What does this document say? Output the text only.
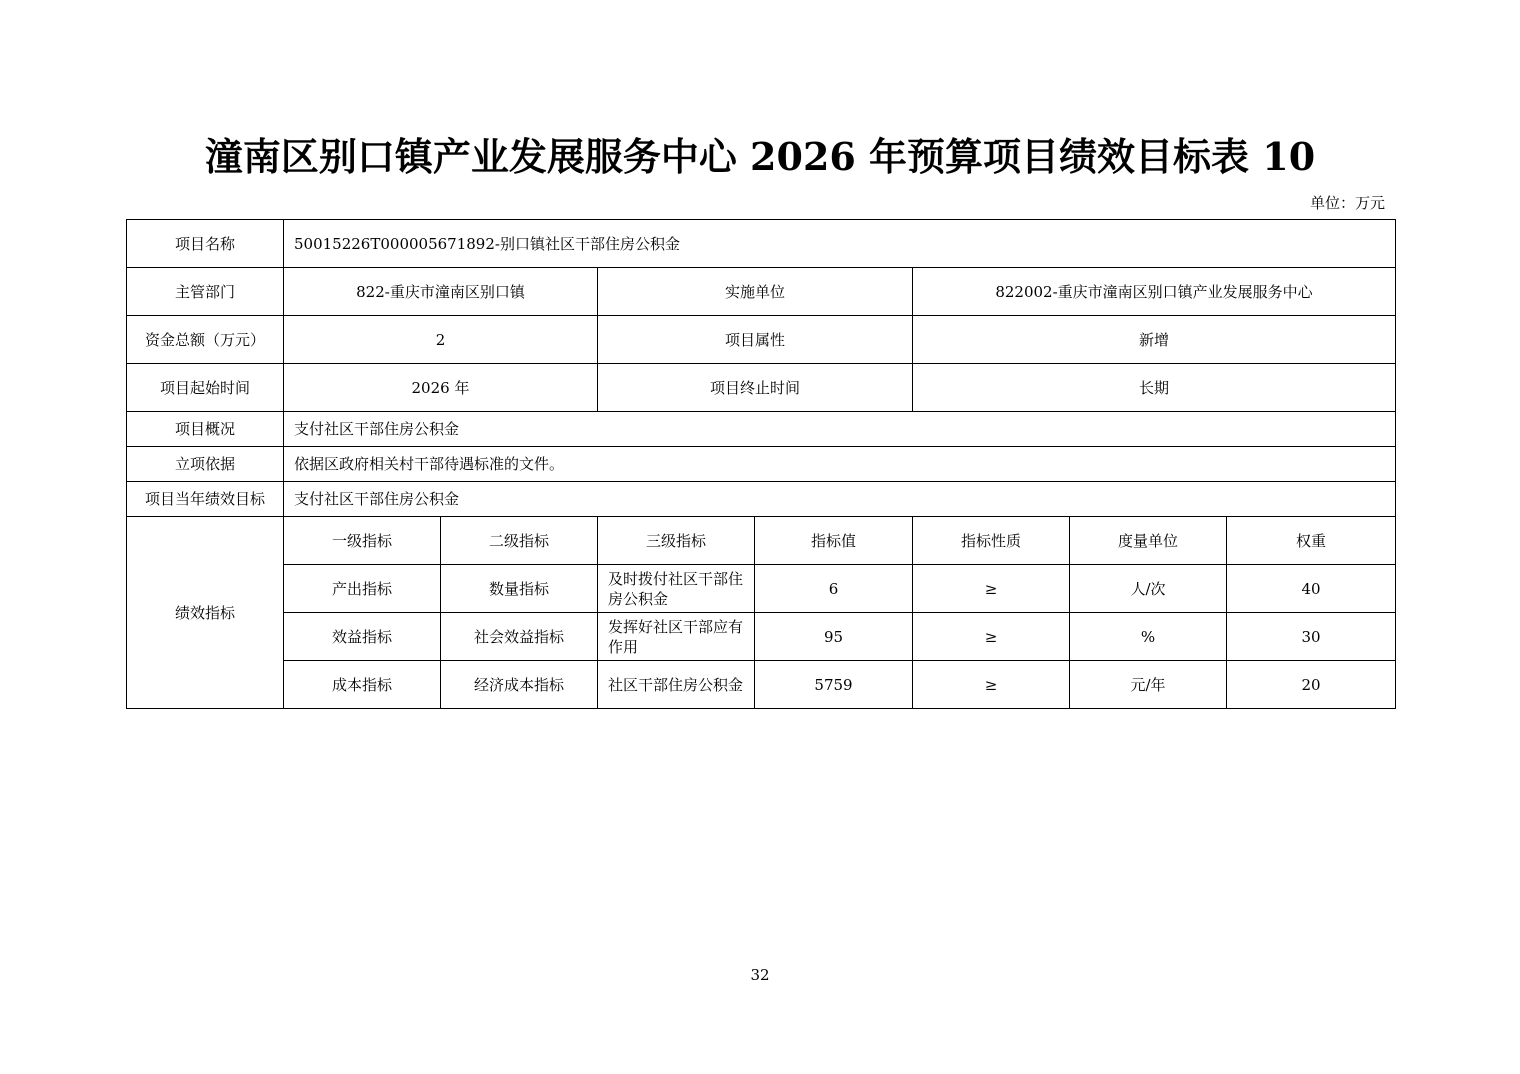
潼南区别口镇产业发展服务中心 2026 年预算项目绩效目标表 10
单位：万元
项目名称	50015226T000005671892-别口镇社区干部住房公积金						
主管部门	822-重庆市潼南区别口镇		实施单位		822002-重庆市潼南区别口镇产业发展服务中心		
资金总额（万元）	2		项目属性		新增		
项目起始时间	2026 年		项目终止时间		长期		
项目概况	支付社区干部住房公积金						
立项依据	依据区政府相关村干部待遇标准的文件。						
项目当年绩效目标	支付社区干部住房公积金						
绩效指标	一级指标	二级指标	三级指标	指标值	指标性质	度量单位	权重
	产出指标	数量指标	及时拨付社区干部住房公积金	6	≥	人/次	40
	效益指标	社会效益指标	发挥好社区干部应有作用	95	≥	%	30
	成本指标	经济成本指标	社区干部住房公积金	5759	≥	元/年	20
32
